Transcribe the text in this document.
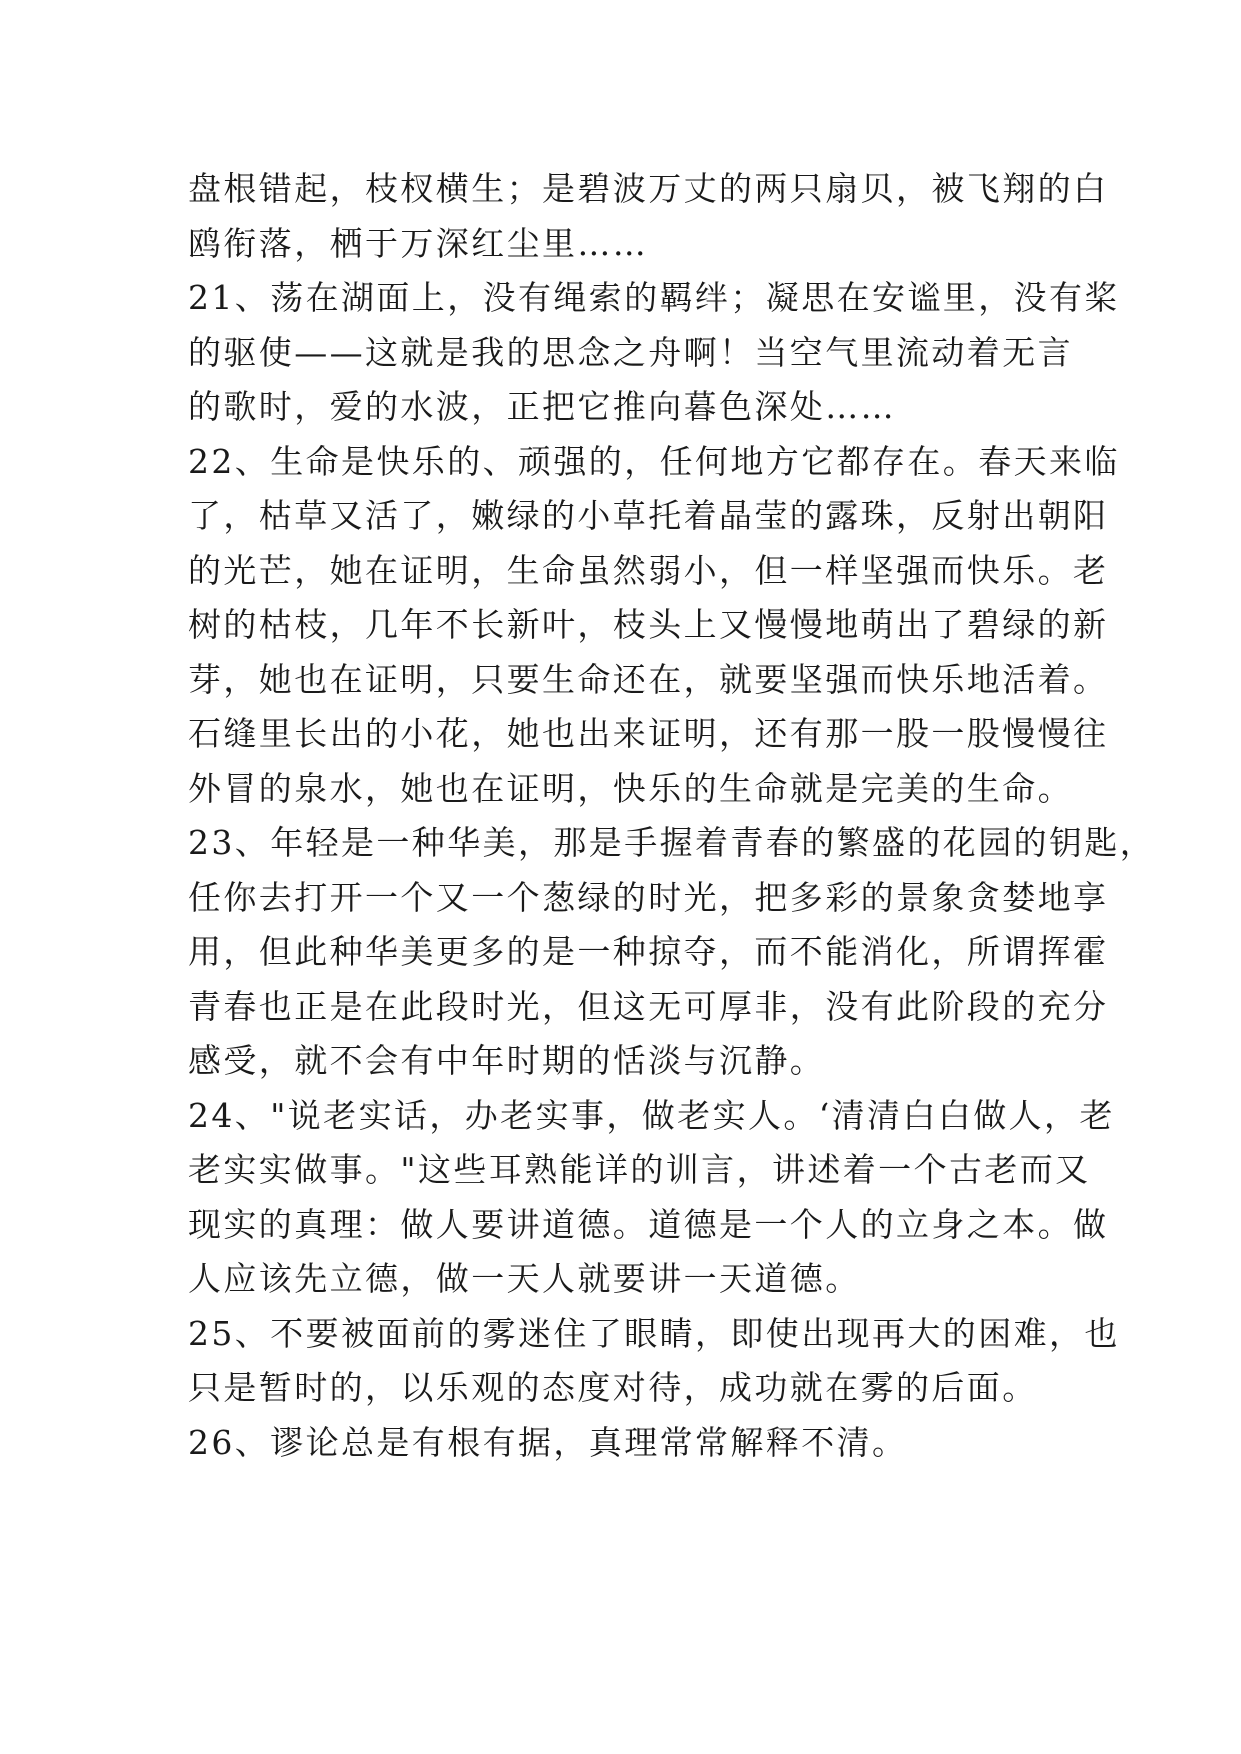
盘根错起，枝杈横生；是碧波万丈的两只扇贝，被飞翔的白
鸥衔落，栖于万深红尘里……
21、荡在湖面上，没有绳索的羁绊；凝思在安谧里，没有桨
的驱使——这就是我的思念之舟啊！当空气里流动着无言
的歌时，爱的水波，正把它推向暮色深处……
22、生命是快乐的、顽强的，任何地方它都存在。春天来临
了，枯草又活了，嫩绿的小草托着晶莹的露珠，反射出朝阳
的光芒，她在证明，生命虽然弱小，但一样坚强而快乐。老
树的枯枝，几年不长新叶，枝头上又慢慢地萌出了碧绿的新
芽，她也在证明，只要生命还在，就要坚强而快乐地活着。
石缝里长出的小花，她也出来证明，还有那一股一股慢慢往
外冒的泉水，她也在证明，快乐的生命就是完美的生命。
23、年轻是一种华美，那是手握着青春的繁盛的花园的钥匙，
任你去打开一个又一个葱绿的时光，把多彩的景象贪婪地享
用，但此种华美更多的是一种掠夺，而不能消化，所谓挥霍
青春也正是在此段时光，但这无可厚非，没有此阶段的充分
感受，就不会有中年时期的恬淡与沉静。
24、"说老实话，办老实事，做老实人。‘清清白白做人，老
老实实做事。"这些耳熟能详的训言，讲述着一个古老而又
现实的真理：做人要讲道德。道德是一个人的立身之本。做
人应该先立德，做一天人就要讲一天道德。
25、不要被面前的雾迷住了眼睛，即使出现再大的困难，也
只是暂时的，以乐观的态度对待，成功就在雾的后面。
26、谬论总是有根有据，真理常常解释不清。
